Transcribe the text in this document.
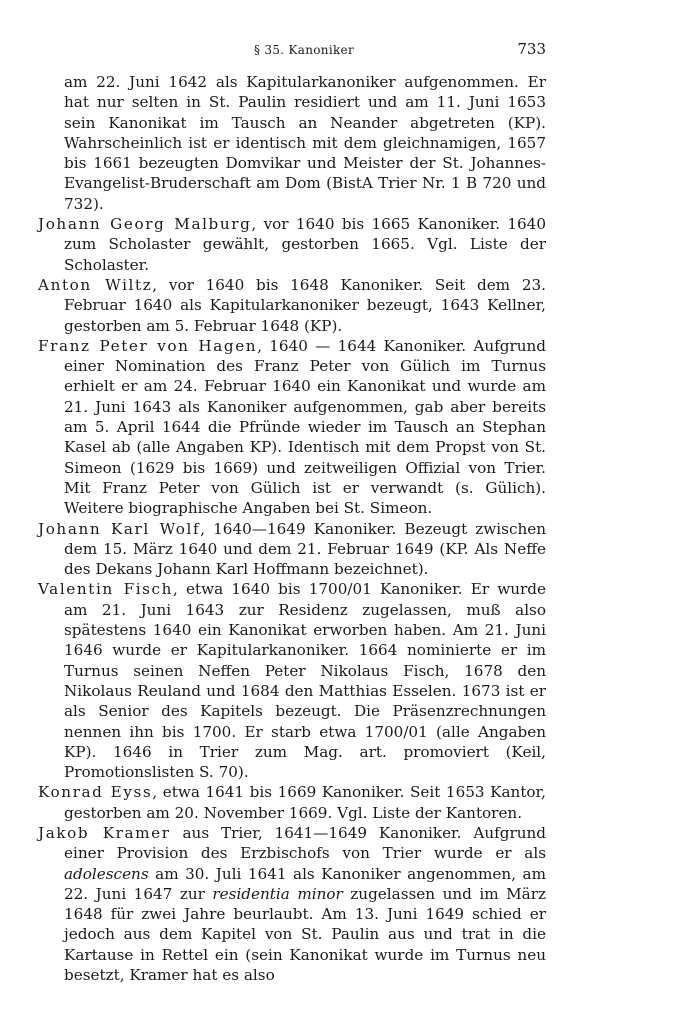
§ 35. Kanoniker	733

am 22. Juni 1642 als Kapitularkanoniker aufgenommen. Er hat nur selten in St. Paulin residiert und am 11. Juni 1653 sein Kanonikat im Tausch an Neander abgetreten (KP). Wahrscheinlich ist er identisch mit dem gleichnamigen, 1657 bis 1661 bezeugten Domvikar und Meister der St. Johannes-Evangelist-Bruderschaft am Dom (BistA Trier Nr. 1 B 720 und 732).

Johann Georg Malburg, vor 1640 bis 1665 Kanoniker. 1640 zum Scholaster gewählt, gestorben 1665. Vgl. Liste der Scholaster.

Anton Wiltz, vor 1640 bis 1648 Kanoniker. Seit dem 23. Februar 1640 als Kapitularkanoniker bezeugt, 1643 Kellner, gestorben am 5. Februar 1648 (KP).

Franz Peter von Hagen, 1640 — 1644 Kanoniker. Aufgrund einer Nomination des Franz Peter von Gülich im Turnus erhielt er am 24. Februar 1640 ein Kanonikat und wurde am 21. Juni 1643 als Kanoniker aufgenommen, gab aber bereits am 5. April 1644 die Pfründe wieder im Tausch an Stephan Kasel ab (alle Angaben KP). Identisch mit dem Propst von St. Simeon (1629 bis 1669) und zeitweiligen Offizial von Trier. Mit Franz Peter von Gülich ist er verwandt (s. Gülich). Weitere biographische Angaben bei St. Simeon.

Johann Karl Wolf, 1640—1649 Kanoniker. Bezeugt zwischen dem 15. März 1640 und dem 21. Februar 1649 (KP. Als Neffe des Dekans Johann Karl Hoffmann bezeichnet).

Valentin Fisch, etwa 1640 bis 1700/01 Kanoniker. Er wurde am 21. Juni 1643 zur Residenz zugelassen, muß also spätestens 1640 ein Kanonikat erworben haben. Am 21. Juni 1646 wurde er Kapitularkanoniker. 1664 nominierte er im Turnus seinen Neffen Peter Nikolaus Fisch, 1678 den Nikolaus Reuland und 1684 den Matthias Esselen. 1673 ist er als Senior des Kapitels bezeugt. Die Präsenzrechnungen nennen ihn bis 1700. Er starb etwa 1700/01 (alle Angaben KP). 1646 in Trier zum Mag. art. promoviert (Keil, Promotionslisten S. 70).

Konrad Eyss, etwa 1641 bis 1669 Kanoniker. Seit 1653 Kantor, gestorben am 20. November 1669. Vgl. Liste der Kantoren.

Jakob Kramer aus Trier, 1641—1649 Kanoniker. Aufgrund einer Provision des Erzbischofs von Trier wurde er als adolescens am 30. Juli 1641 als Kanoniker angenommen, am 22. Juni 1647 zur residentia minor zugelassen und im März 1648 für zwei Jahre beurlaubt. Am 13. Juni 1649 schied er jedoch aus dem Kapitel von St. Paulin aus und trat in die Kartause in Rettel ein (sein Kanonikat wurde im Turnus neu besetzt, Kramer hat es also
